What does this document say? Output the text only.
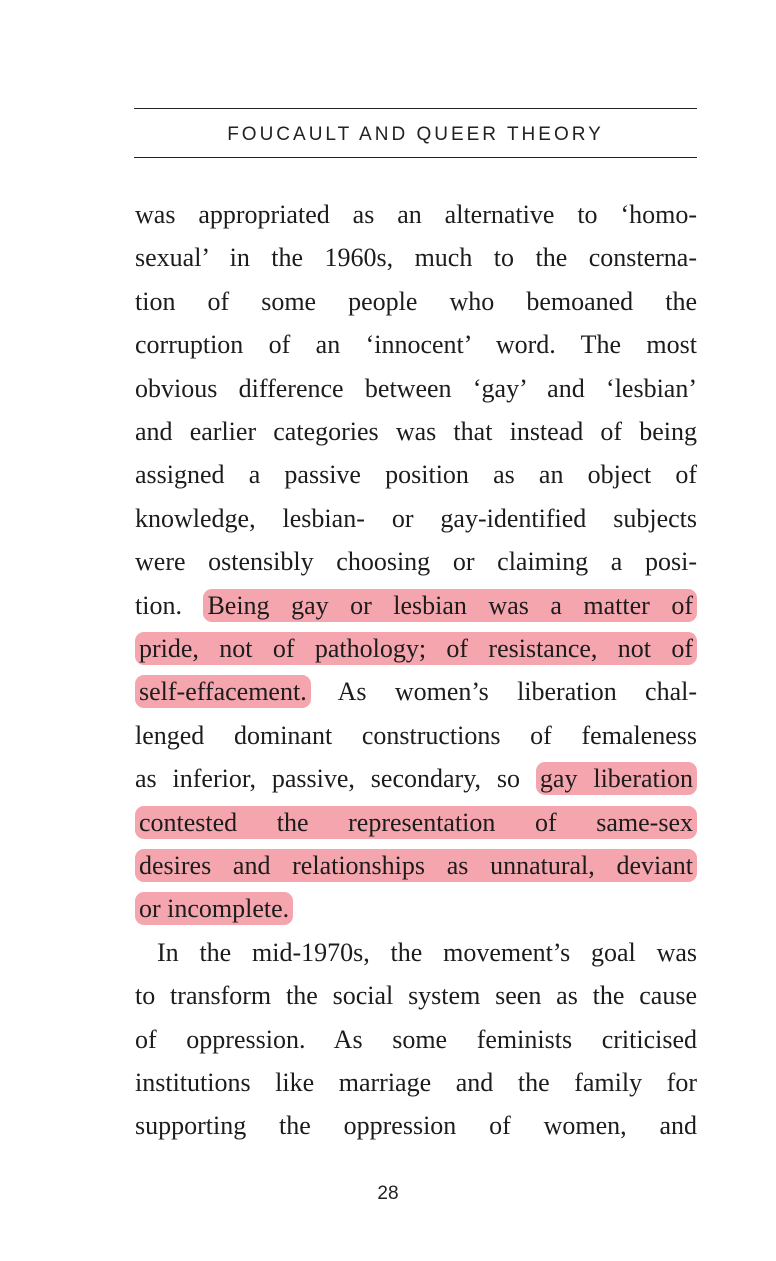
FOUCAULT AND QUEER THEORY
was appropriated as an alternative to ‘homo-
sexual’ in the 1960s, much to the consterna-
tion of some people who bemoaned the
corruption of an ‘innocent’ word. The most
obvious difference between ‘gay’ and ‘lesbian’
and earlier categories was that instead of being
assigned a passive position as an object of
knowledge, lesbian- or gay-identified subjects
were ostensibly choosing or claiming a posi-
tion. Being gay or lesbian was a matter of
pride, not of pathology; of resistance, not of
self-effacement. As women’s liberation chal-
lenged dominant constructions of femaleness
as inferior, passive, secondary, so gay liberation
contested the representation of same-sex
desires and relationships as unnatural, deviant
or incomplete.
In the mid-1970s, the movement’s goal was
to transform the social system seen as the cause
of oppression. As some feminists criticised
institutions like marriage and the family for
supporting the oppression of women, and
28
